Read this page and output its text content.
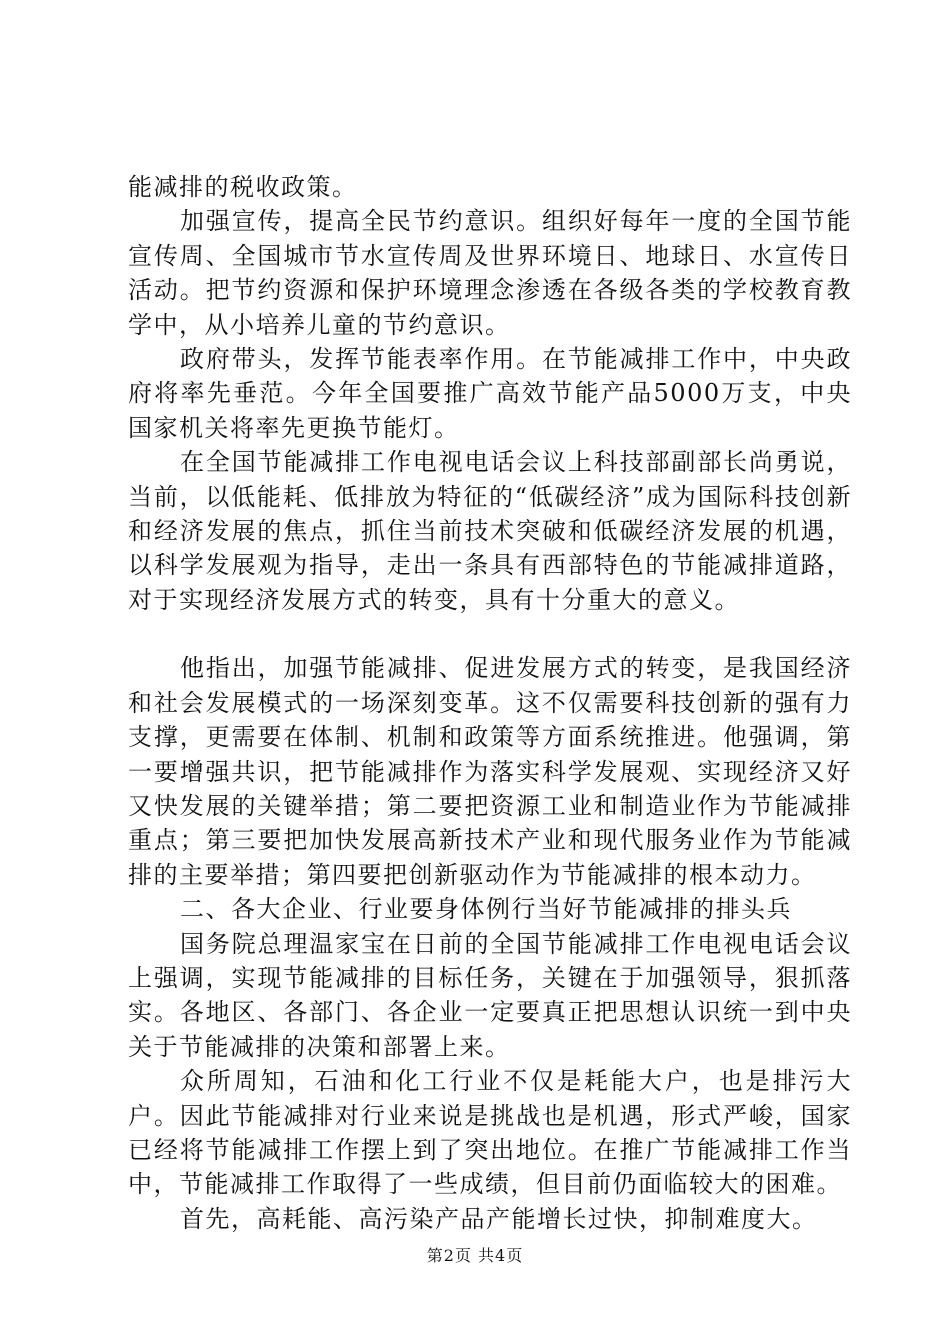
能减排的税收政策。

加强宣传，提高全民节约意识。组织好每年一度的全国节能宣传周、全国城市节水宣传周及世界环境日、地球日、水宣传日活动。把节约资源和保护环境理念渗透在各级各类的学校教育教学中，从小培养儿童的节约意识。

政府带头，发挥节能表率作用。在节能减排工作中，中央政府将率先垂范。今年全国要推广高效节能产品5000万支，中央国家机关将率先更换节能灯。

在全国节能减排工作电视电话会议上科技部副部长尚勇说，当前，以低能耗、低排放为特征的“低碳经济”成为国际科技创新和经济发展的焦点，抓住当前技术突破和低碳经济发展的机遇，以科学发展观为指导，走出一条具有西部特色的节能减排道路，对于实现经济发展方式的转变，具有十分重大的意义。

他指出，加强节能减排、促进发展方式的转变，是我国经济和社会发展模式的一场深刻变革。这不仅需要科技创新的强有力支撑，更需要在体制、机制和政策等方面系统推进。他强调，第一要增强共识，把节能减排作为落实科学发展观、实现经济又好又快发展的关键举措；第二要把资源工业和制造业作为节能减排重点；第三要把加快发展高新技术产业和现代服务业作为节能减排的主要举措；第四要把创新驱动作为节能减排的根本动力。

二、各大企业、行业要身体例行当好节能减排的排头兵

国务院总理温家宝在日前的全国节能减排工作电视电话会议上强调，实现节能减排的目标任务，关键在于加强领导，狠抓落实。各地区、各部门、各企业一定要真正把思想认识统一到中央关于节能减排的决策和部署上来。

众所周知，石油和化工行业不仅是耗能大户，也是排污大户。因此节能减排对行业来说是挑战也是机遇，形式严峻，国家已经将节能减排工作摆上到了突出地位。在推广节能减排工作当中，节能减排工作取得了一些成绩，但目前仍面临较大的困难。

首先，高耗能、高污染产品产能增长过快，抑制难度大。

第2页 共4页
